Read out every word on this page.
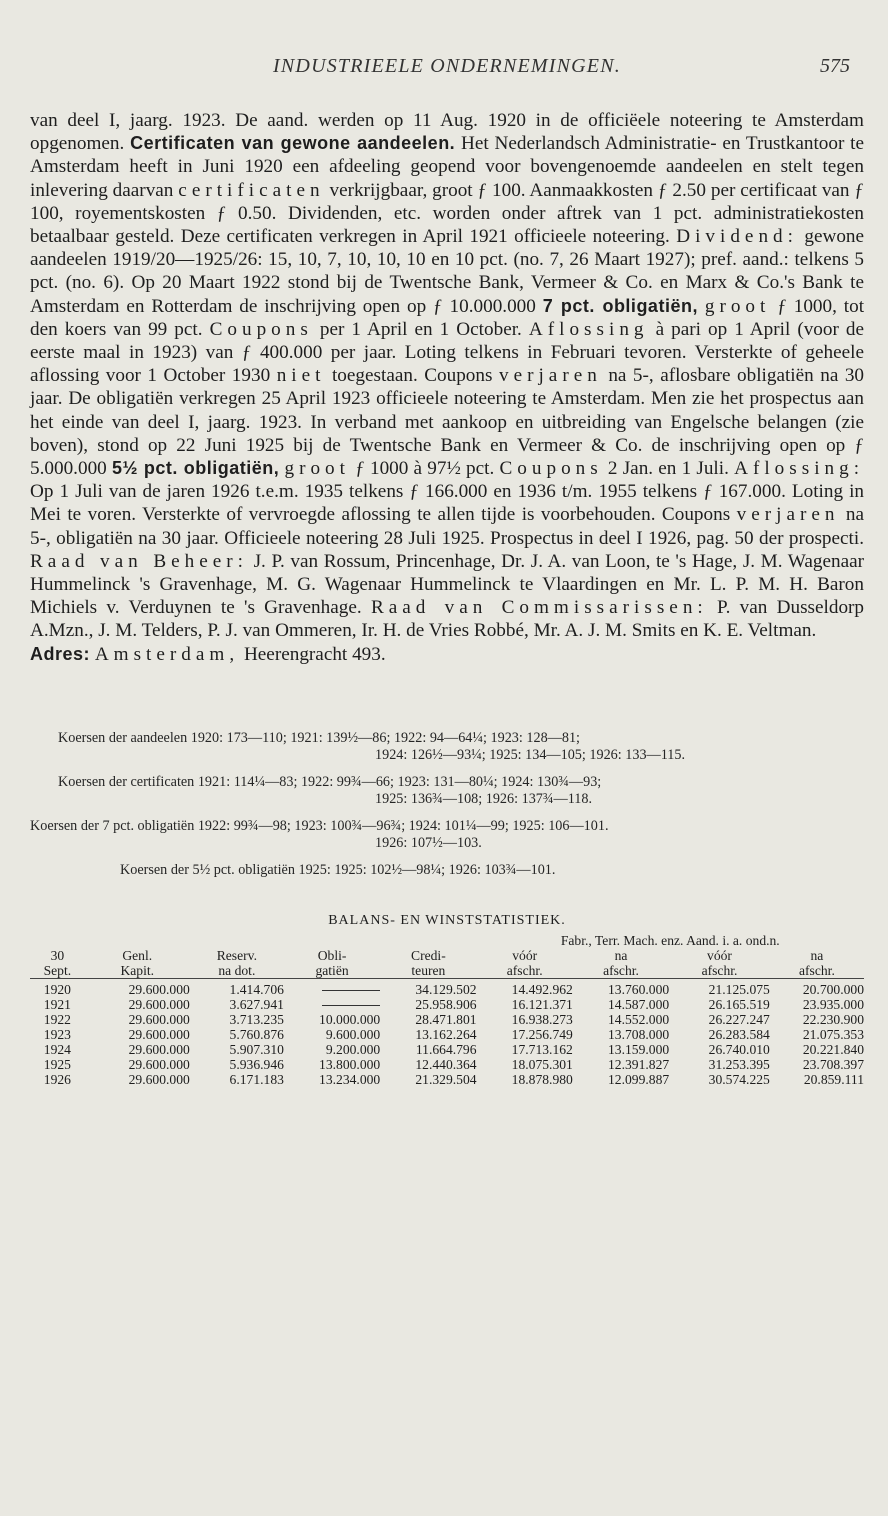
INDUSTRIEELE ONDERNEMINGEN.	575

van deel I, jaarg. 1923. De aand. werden op 11 Aug. 1920 in de officiëele noteering te Amsterdam opgenomen. Certificaten van gewone aandeelen. Het Nederlandsch Administratie- en Trustkantoor te Amsterdam heeft in Juni 1920 een afdeeling geopend voor bovengenoemde aandeelen en stelt tegen inlevering daarvan certificaten verkrijgbaar, groot ƒ 100. Aanmaakkosten ƒ 2.50 per certificaat van ƒ 100, royementskosten ƒ 0.50. Dividenden, etc. worden onder aftrek van 1 pct. administratiekosten betaalbaar gesteld. Deze certificaten verkregen in April 1921 officieele noteering. Dividend: gewone aandeelen 1919/20—1925/26: 15, 10, 7, 10, 10, 10 en 10 pct. (no. 7, 26 Maart 1927); pref. aand.: telkens 5 pct. (no. 6). Op 20 Maart 1922 stond bij de Twentsche Bank, Vermeer & Co. en Marx & Co.'s Bank te Amsterdam en Rotterdam de inschrijving open op ƒ 10.000.000 7 pct. obligatiën, groot ƒ 1000, tot den koers van 99 pct. Coupons per 1 April en 1 October. Aflossing à pari op 1 April (voor de eerste maal in 1923) van ƒ 400.000 per jaar. Loting telkens in Februari tevoren. Versterkte of geheele aflossing voor 1 October 1930 niet toegestaan. Coupons verjaren na 5-, aflosbare obligatiën na 30 jaar. De obligatiën verkregen 25 April 1923 officieele noteering te Amsterdam. Men zie het prospectus aan het einde van deel I, jaarg. 1923. In verband met aankoop en uitbreiding van Engelsche belangen (zie boven), stond op 22 Juni 1925 bij de Twentsche Bank en Vermeer & Co. de inschrijving open op ƒ 5.000.000 5½ pct. obligatiën, groot ƒ 1000 à 97½ pct. Coupons 2 Jan. en 1 Juli. Aflossing: Op 1 Juli van de jaren 1926 t.e.m. 1935 telkens ƒ 166.000 en 1936 t/m. 1955 telkens ƒ 167.000. Loting in Mei te voren. Versterkte of vervroegde aflossing te allen tijde is voorbehouden. Coupons verjaren na 5-, obligatiën na 30 jaar. Officieele noteering 28 Juli 1925. Prospectus in deel I 1926, pag. 50 der prospecti. Raad van Beheer: J. P. van Rossum, Princenhage, Dr. J. A. van Loon, te 's Hage, J. M. Wagenaar Hummelinck 's Gravenhage, M. G. Wagenaar Hummelinck te Vlaardingen en Mr. L. P. M. H. Baron Michiels v. Verduynen te 's Gravenhage. Raad van Commissarissen: P. van Dusseldorp A.Mzn., J. M. Telders, P. J. van Ommeren, Ir. H. de Vries Robbé, Mr. A. J. M. Smits en K. E. Veltman.
Adres: Amsterdam, Heerengracht 493.

Koersen der aandeelen 1920: 173—110; 1921: 139½—86; 1922: 94—64¼; 1923: 128—81;
1924: 126½—93¼; 1925: 134—105; 1926: 133—115.
Koersen der certificaten 1921: 114¼—83; 1922: 99¾—66; 1923: 131—80¼; 1924: 130¾—93;
1925: 136¾—108; 1926: 137¾—118.
Koersen der 7 pct. obligatiën 1922: 99¾—98; 1923: 100¾—96¾; 1924: 101¼—99; 1925: 106—101.
1926: 107½—103.
Koersen der 5½ pct. obligatiën 1925: 1925: 102½—98¼; 1926: 103¾—101.
BALANS- EN WINSTSTATISTIEK.
					Fabr., Terr. Mach. enz. Aand. i. a. ond.n.			
30	Genl.	Reserv.	Obli-	Credi-	vóór	na	vóór	na
Sept.	Kapit.	na dot.	gatiën	teuren	afschr.	afschr.	afschr.	afschr.
1920	29.600.000	1.414.706		34.129.502	14.492.962	13.760.000	21.125.075	20.700.000
1921	29.600.000	3.627.941		25.958.906	16.121.371	14.587.000	26.165.519	23.935.000
1922	29.600.000	3.713.235	10.000.000	28.471.801	16.938.273	14.552.000	26.227.247	22.230.900
1923	29.600.000	5.760.876	9.600.000	13.162.264	17.256.749	13.708.000	26.283.584	21.075.353
1924	29.600.000	5.907.310	9.200.000	11.664.796	17.713.162	13.159.000	26.740.010	20.221.840
1925	29.600.000	5.936.946	13.800.000	12.440.364	18.075.301	12.391.827	31.253.395	23.708.397
1926	29.600.000	6.171.183	13.234.000	21.329.504	18.878.980	12.099.887	30.574.225	20.859.111
